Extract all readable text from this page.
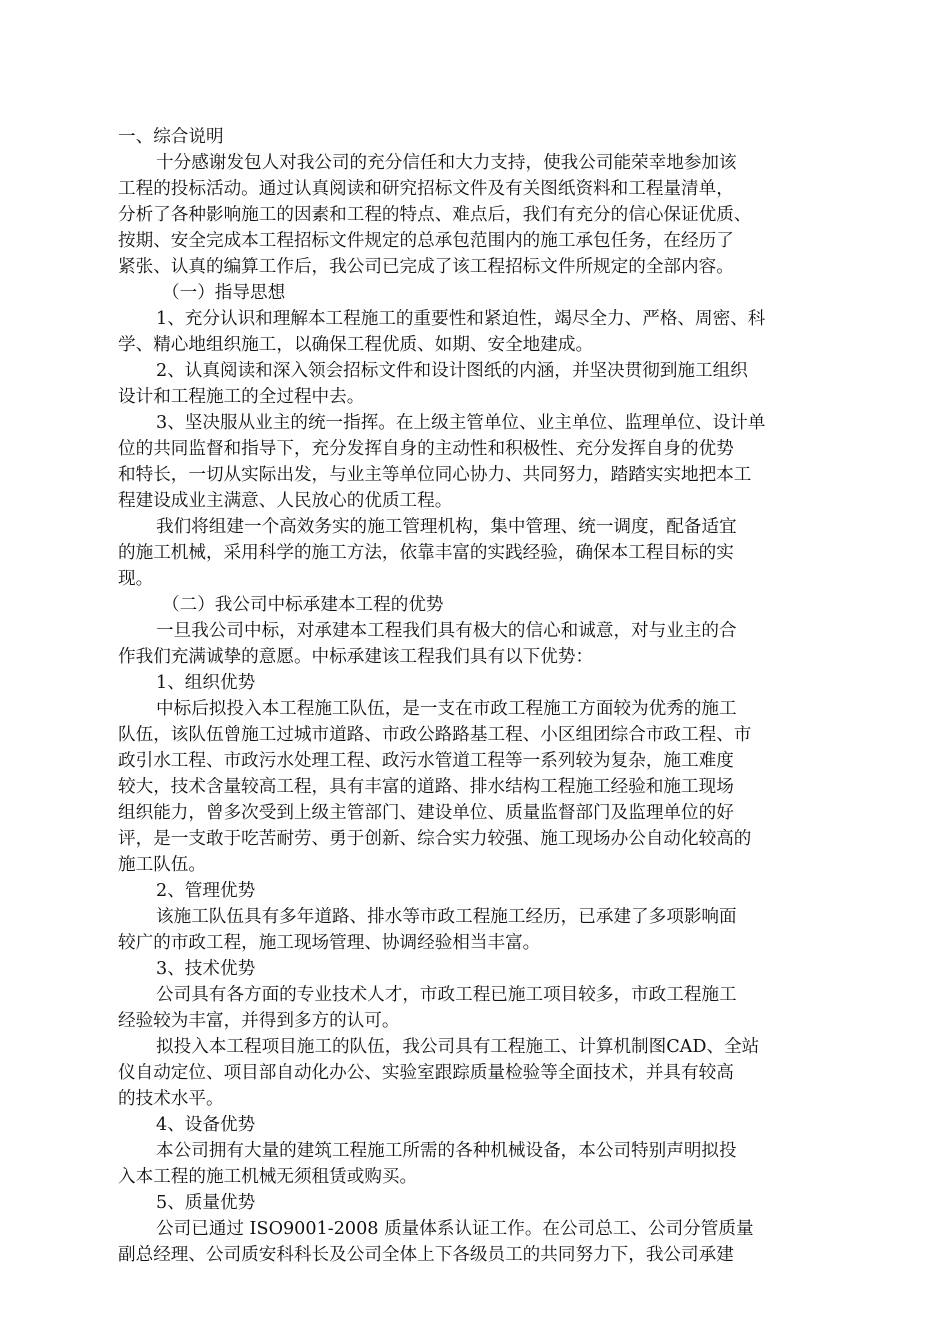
一、综合说明
十分感谢发包人对我公司的充分信任和大力支持，使我公司能荣幸地参加该
工程的投标活动。通过认真阅读和研究招标文件及有关图纸资料和工程量清单，
分析了各种影响施工的因素和工程的特点、难点后，我们有充分的信心保证优质、
按期、安全完成本工程招标文件规定的总承包范围内的施工承包任务，在经历了
紧张、认真的编算工作后，我公司已完成了该工程招标文件所规定的全部内容。
（一）指导思想
1、充分认识和理解本工程施工的重要性和紧迫性，竭尽全力、严格、周密、科
学、精心地组织施工，以确保工程优质、如期、安全地建成。
2、认真阅读和深入领会招标文件和设计图纸的内涵，并坚决贯彻到施工组织
设计和工程施工的全过程中去。
3、坚决服从业主的统一指挥。在上级主管单位、业主单位、监理单位、设计单
位的共同监督和指导下，充分发挥自身的主动性和积极性、充分发挥自身的优势
和特长，一切从实际出发，与业主等单位同心协力、共同努力，踏踏实实地把本工
程建设成业主满意、人民放心的优质工程。
我们将组建一个高效务实的施工管理机构，集中管理、统一调度，配备适宜
的施工机械，采用科学的施工方法，依靠丰富的实践经验，确保本工程目标的实
现。
（二）我公司中标承建本工程的优势
一旦我公司中标，对承建本工程我们具有极大的信心和诚意，对与业主的合
作我们充满诚挚的意愿。中标承建该工程我们具有以下优势：
1、组织优势
中标后拟投入本工程施工队伍，是一支在市政工程施工方面较为优秀的施工
队伍，该队伍曾施工过城市道路、市政公路路基工程、小区组团综合市政工程、市
政引水工程、市政污水处理工程、政污水管道工程等一系列较为复杂，施工难度
较大，技术含量较高工程，具有丰富的道路、排水结构工程施工经验和施工现场
组织能力，曾多次受到上级主管部门、建设单位、质量监督部门及监理单位的好
评，是一支敢于吃苦耐劳、勇于创新、综合实力较强、施工现场办公自动化较高的
施工队伍。
2、管理优势
该施工队伍具有多年道路、排水等市政工程施工经历，已承建了多项影响面
较广的市政工程，施工现场管理、协调经验相当丰富。
3、技术优势
公司具有各方面的专业技术人才，市政工程已施工项目较多，市政工程施工
经验较为丰富，并得到多方的认可。
拟投入本工程项目施工的队伍，我公司具有工程施工、计算机制图CAD、全站
仪自动定位、项目部自动化办公、实验室跟踪质量检验等全面技术，并具有较高
的技术水平。
4、设备优势
本公司拥有大量的建筑工程施工所需的各种机械设备，本公司特别声明拟投
入本工程的施工机械无须租赁或购买。
5、质量优势
公司已通过 ISO9001-2008 质量体系认证工作。在公司总工、公司分管质量
副总经理、公司质安科科长及公司全体上下各级员工的共同努力下，我公司承建
